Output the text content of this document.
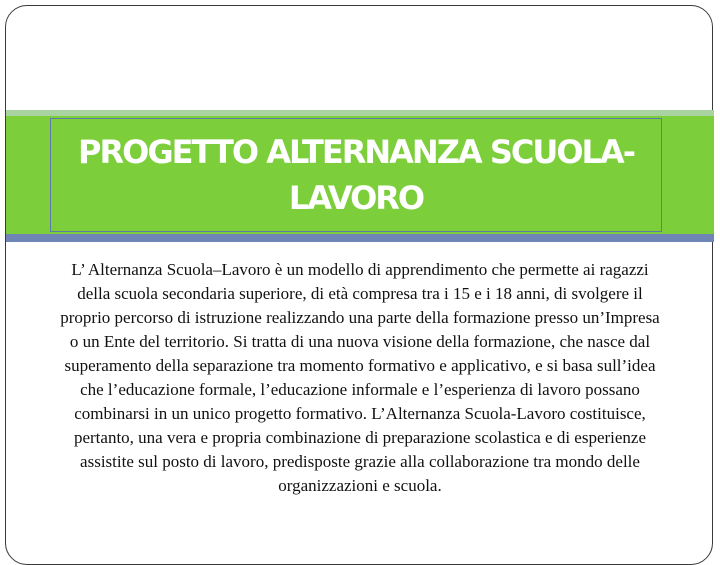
PROGETTO ALTERNANZA SCUOLA-LAVORO
L’ Alternanza Scuola–Lavoro è un modello di apprendimento che permette ai ragazzi della scuola secondaria superiore, di età compresa tra i 15 e i 18 anni, di svolgere il proprio percorso di istruzione realizzando una parte della formazione presso un’Impresa o un Ente del territorio. Si tratta di una nuova visione della formazione, che nasce dal superamento della separazione tra momento formativo e applicativo, e si basa sull’idea che l’educazione formale, l’educazione informale e l’esperienza di lavoro possano combinarsi in un unico progetto formativo. L’Alternanza Scuola-Lavoro costituisce, pertanto, una vera e propria combinazione di preparazione scolastica e di esperienze assistite sul posto di lavoro, predisposte grazie alla collaborazione tra mondo delle organizzazioni e scuola.
